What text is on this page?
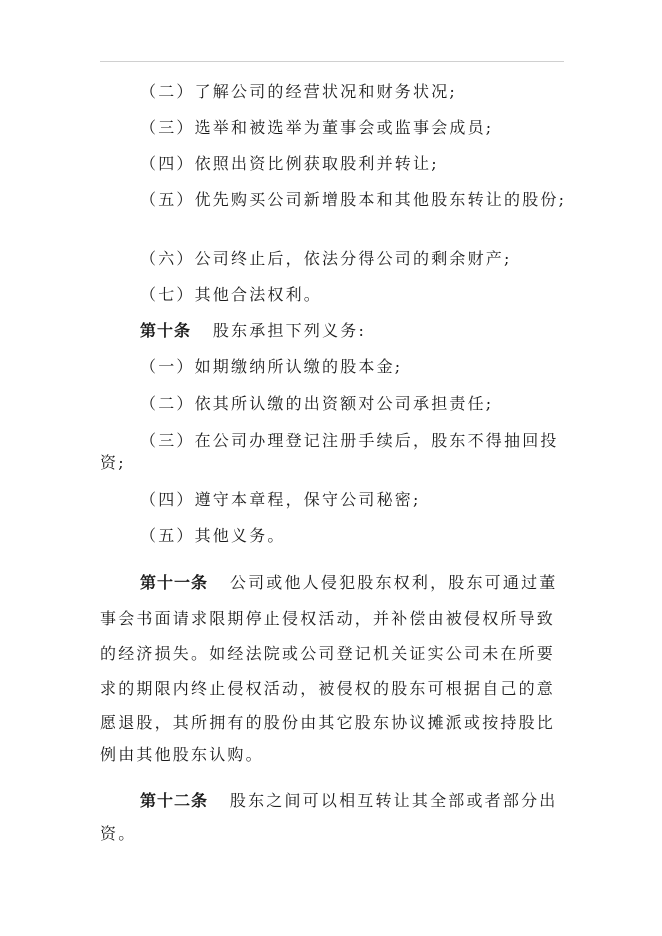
（二）了解公司的经营状况和财务状况;
（三）选举和被选举为董事会或监事会成员;
（四）依照出资比例获取股利并转让;
（五）优先购买公司新增股本和其他股东转让的股份;
（六）公司终止后，依法分得公司的剩余财产;
（七）其他合法权利。
第十条 股东承担下列义务:
（一）如期缴纳所认缴的股本金;
（二）依其所认缴的出资额对公司承担责任;
（三）在公司办理登记注册手续后，股东不得抽回投
资;
（四）遵守本章程，保守公司秘密;
（五）其他义务。
第十一条 公司或他人侵犯股东权利，股东可通过董
事会书面请求限期停止侵权活动，并补偿由被侵权所导致
的经济损失。如经法院或公司登记机关证实公司未在所要
求的期限内终止侵权活动，被侵权的股东可根据自己的意
愿退股，其所拥有的股份由其它股东协议摊派或按持股比
例由其他股东认购。
第十二条 股东之间可以相互转让其全部或者部分出
资。
